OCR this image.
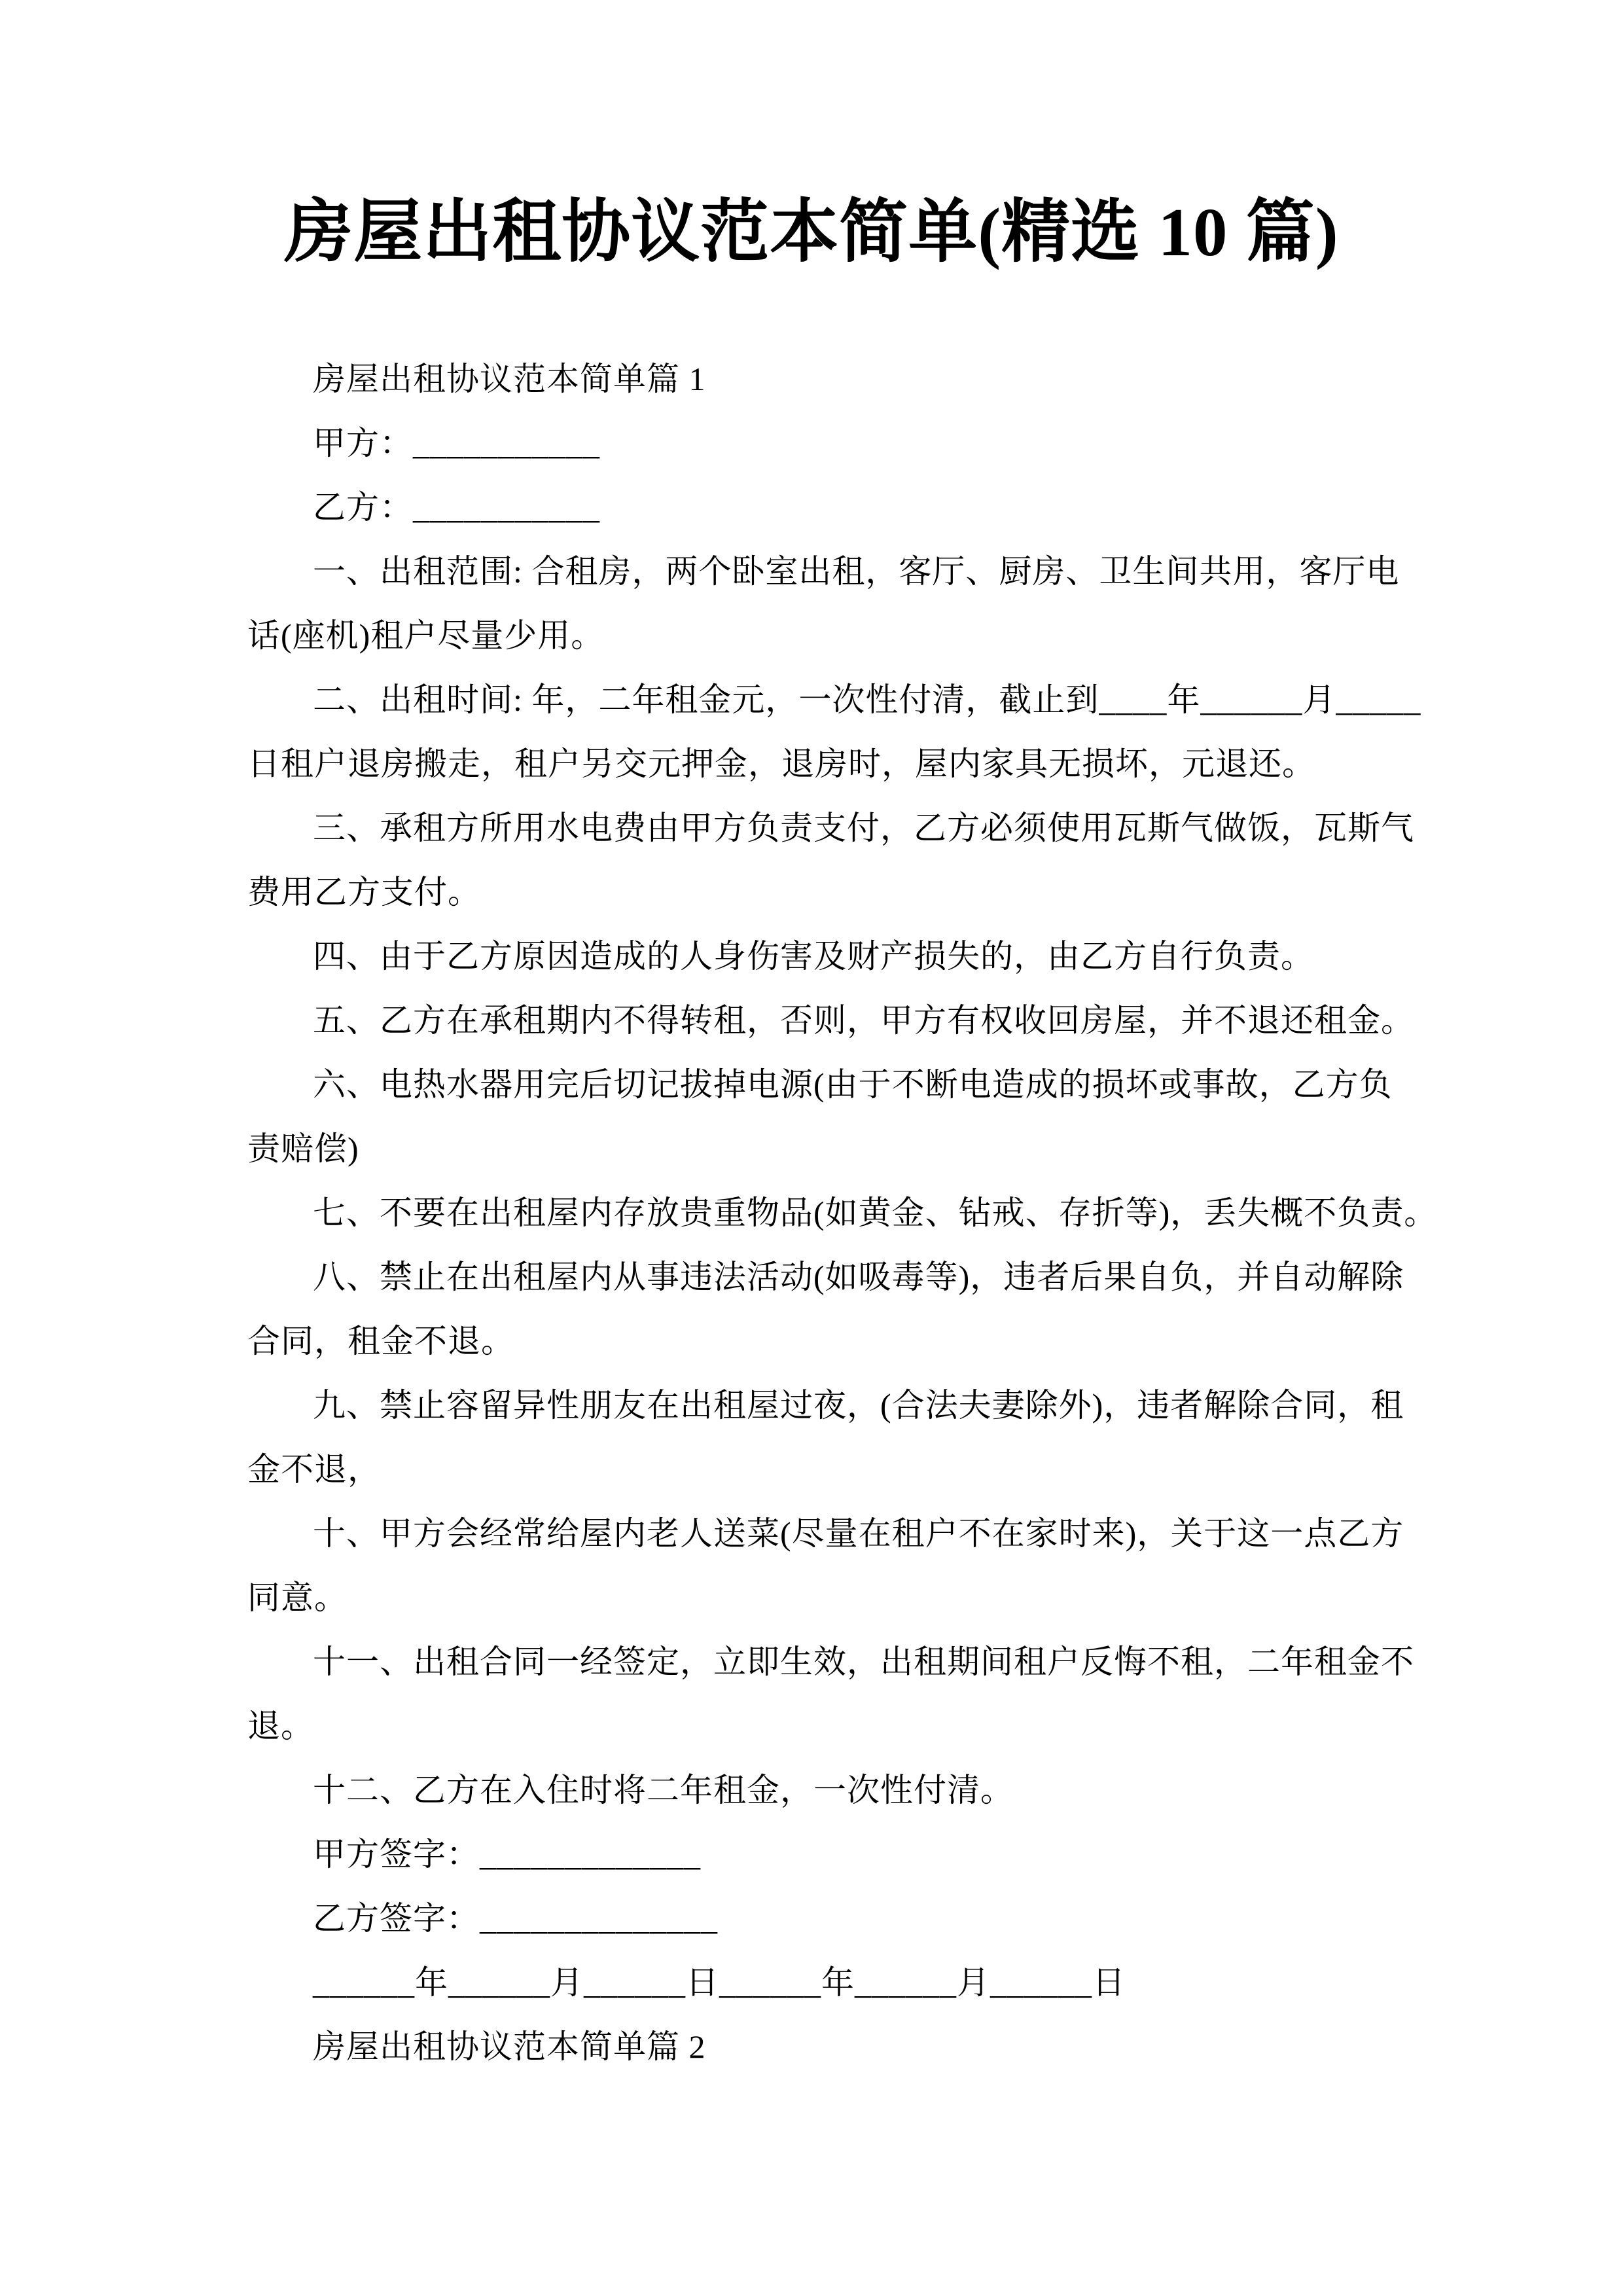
房屋出租协议范本简单(精选 10 篇)
房屋出租协议范本简单篇 1
甲方：___________
乙方：___________
一、出租范围: 合租房，两个卧室出租，客厅、厨房、卫生间共用，客厅电
话(座机)租户尽量少用。
二、出租时间: 年，二年租金元，一次性付清，截止到____年______月_____
日租户退房搬走，租户另交元押金，退房时，屋内家具无损坏，元退还。
三、承租方所用水电费由甲方负责支付，乙方必须使用瓦斯气做饭，瓦斯气
费用乙方支付。
四、由于乙方原因造成的人身伤害及财产损失的，由乙方自行负责。
五、乙方在承租期内不得转租，否则，甲方有权收回房屋，并不退还租金。
六、电热水器用完后切记拔掉电源(由于不断电造成的损坏或事故，乙方负
责赔偿)
七、不要在出租屋内存放贵重物品(如黄金、钻戒、存折等)，丢失概不负责。
八、禁止在出租屋内从事违法活动(如吸毒等)，违者后果自负，并自动解除
合同，租金不退。
九、禁止容留异性朋友在出租屋过夜，(合法夫妻除外)，违者解除合同，租
金不退，
十、甲方会经常给屋内老人送菜(尽量在租户不在家时来)，关于这一点乙方
同意。
十一、出租合同一经签定，立即生效，出租期间租户反悔不租，二年租金不
退。
十二、乙方在入住时将二年租金，一次性付清。
甲方签字：_____________
乙方签字：______________
______年______月______日______年______月______日
房屋出租协议范本简单篇 2
